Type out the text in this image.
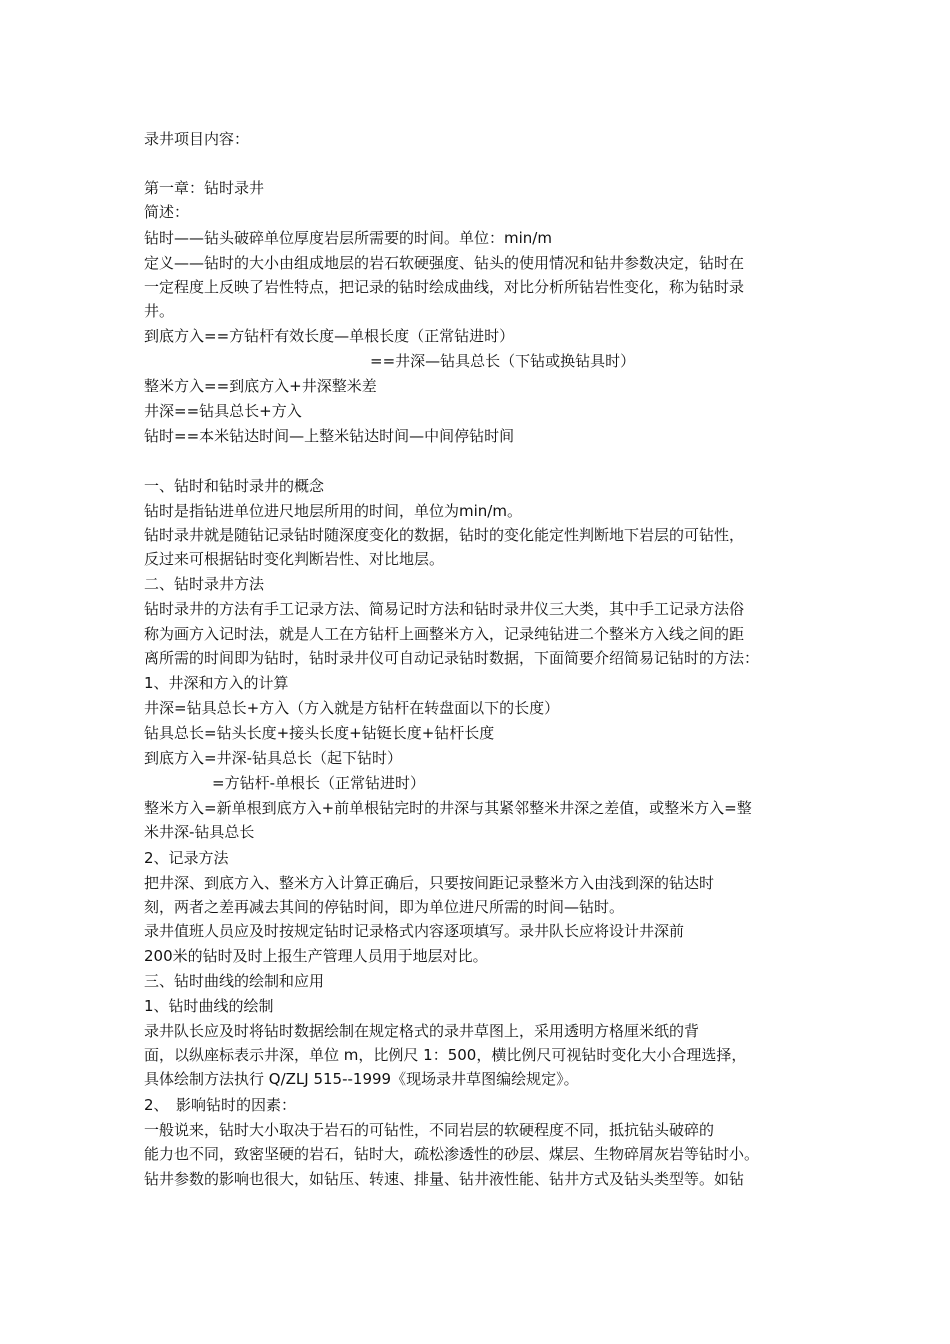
录井项目内容：
第一章：钻时录井
简述：
钻时——钻头破碎单位厚度岩层所需要的时间。单位：min/m
定义——钻时的大小由组成地层的岩石软硬强度、钻头的使用情况和钻井参数决定，钻时在
一定程度上反映了岩性特点，把记录的钻时绘成曲线，对比分析所钻岩性变化，称为钻时录
井。
到底方入==方钻杆有效长度—单根长度（正常钻进时）
==井深—钻具总长（下钻或换钻具时）
整米方入==到底方入+井深整米差
井深==钻具总长+方入
钻时==本米钻达时间—上整米钻达时间—中间停钻时间
一、钻时和钻时录井的概念
钻时是指钻进单位进尺地层所用的时间，单位为min/m。
钻时录井就是随钻记录钻时随深度变化的数据，钻时的变化能定性判断地下岩层的可钻性，
反过来可根据钻时变化判断岩性、对比地层。
二、钻时录井方法
钻时录井的方法有手工记录方法、简易记时方法和钻时录井仪三大类，其中手工记录方法俗
称为画方入记时法，就是人工在方钻杆上画整米方入，记录纯钻进二个整米方入线之间的距
离所需的时间即为钻时，钻时录井仪可自动记录钻时数据，下面简要介绍简易记钻时的方法：
1、井深和方入的计算
井深=钻具总长+方入（方入就是方钻杆在转盘面以下的长度）
钻具总长=钻头长度+接头长度+钻铤长度+钻杆长度
到底方入=井深-钻具总长（起下钻时）
=方钻杆-单根长（正常钻进时）
整米方入=新单根到底方入+前单根钻完时的井深与其紧邻整米井深之差值，或整米方入=整
米井深-钻具总长
2、记录方法
把井深、到底方入、整米方入计算正确后，只要按间距记录整米方入由浅到深的钻达时
刻，两者之差再减去其间的停钻时间，即为单位进尺所需的时间—钻时。
录井值班人员应及时按规定钻时记录格式内容逐项填写。录井队长应将设计井深前
200米的钻时及时上报生产管理人员用于地层对比。
三、钻时曲线的绘制和应用
1、钻时曲线的绘制
录井队长应及时将钻时数据绘制在规定格式的录井草图上，采用透明方格厘米纸的背
面，以纵座标表示井深，单位 m，比例尺 1：500，横比例尺可视钻时变化大小合理选择，
具体绘制方法执行 Q/ZLJ 515--1999《现场录井草图编绘规定》。
2、　影响钻时的因素：
一般说来，钻时大小取决于岩石的可钻性，不同岩层的软硬程度不同，抵抗钻头破碎的
能力也不同，致密坚硬的岩石，钻时大，疏松渗透性的砂层、煤层、生物碎屑灰岩等钻时小。
钻井参数的影响也很大，如钻压、转速、排量、钻井液性能、钻井方式及钻头类型等。如钻
